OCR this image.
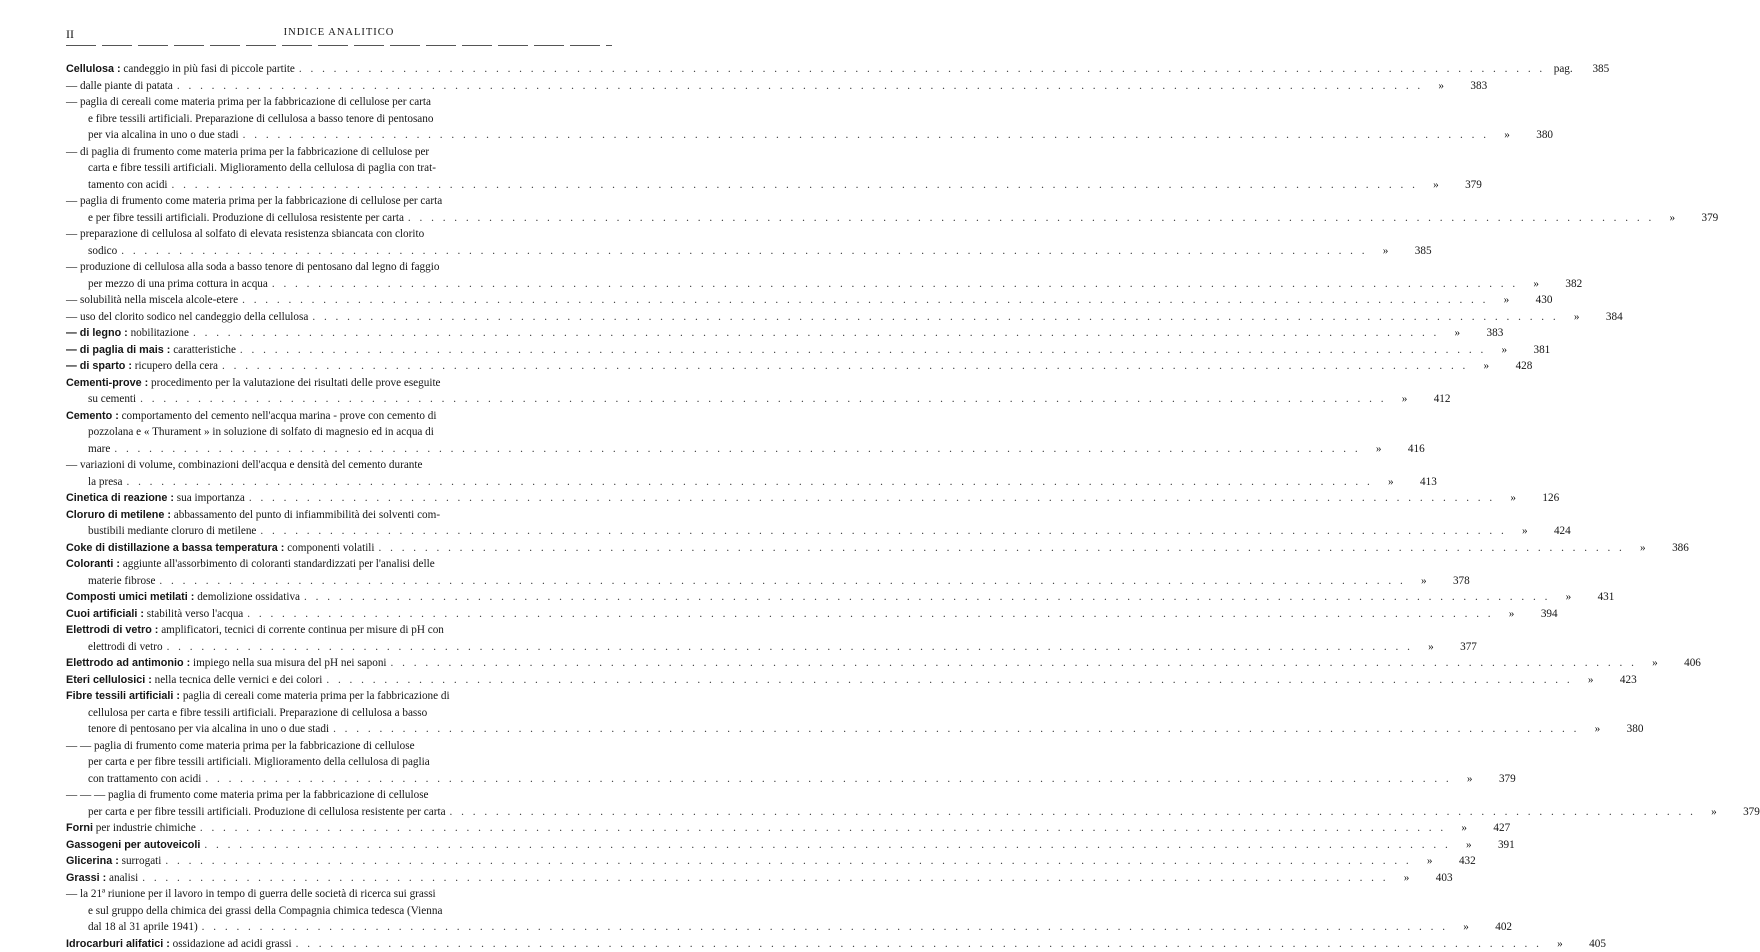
II	INDICE ANALITICO
Cellulosa : candeggio in più fasi di piccole partite . . .	pag.	385
— dalle piante di patata . . .	»	383
— paglia di cereali come materia prima per la fabbricazione di cellulose per carta
e fibre tessili artificiali. Preparazione di cellulosa a basso tenore di pentosano
per via alcalina in uno o due stadi . . .	»	380
— di paglia di frumento come materia prima per la fabbricazione di cellulose per
carta e fibre tessili artificiali. Miglioramento della cellulosa di paglia con trat-
tamento con acidi . . .	»	379
— paglia di frumento come materia prima per la fabbricazione di cellulose per carta
e per fibre tessili artificiali. Produzione di cellulosa resistente per carta . . .	»	379
— preparazione di cellulosa al solfato di elevata resistenza sbiancata con clorito
sodico . . .	»	385
— produzione di cellulosa alla soda a basso tenore di pentosano dal legno di faggio
per mezzo di una prima cottura in acqua . . .	»	382
— solubilità nella miscela alcole-etere . . .	»	430
— uso del clorito sodico nel candeggio della cellulosa . . .	»	384
— di legno : nobilitazione . . .	»	383
— di paglia di mais : caratteristiche . . .	»	381
— di sparto : ricupero della cera . . .	»	428
Cementi-prove : procedimento per la valutazione dei risultati delle prove eseguite
su cementi . . .	»	412
Cemento : comportamento del cemento nell'acqua marina - prove con cemento di
pozzolana e « Thurament » in soluzione di solfato di magnesio ed in acqua di
mare . . .	»	416
— variazioni di volume, combinazioni dell'acqua e densità del cemento durante
la presa . . .	»	413
Cinetica di reazione : sua importanza . . .	»	126
Cloruro di metilene : abbassamento del punto di infiammibilità dei solventi com-
bustibili mediante cloruro di metilene . . .	»	424
Coke di distillazione a bassa temperatura : componenti volatili . . .	»	386
Coloranti : aggiunte all'assorbimento di coloranti standardizzati per l'analisi delle
materie fibrose . . .	»	378
Composti umici metilati : demolizione ossidativa . . .	»	431
Cuoi artificiali : stabilità verso l'acqua . . .	»	394
Elettrodi di vetro : amplificatori, tecnici di corrente continua per misure di pH con
elettrodi di vetro . . .	»	377
Elettrodo ad antimonio : impiego nella sua misura del pH nei saponi . . .	»	406
Eteri cellulosici : nella tecnica delle vernici e dei colori . . .	»	423
Fibre tessili artificiali : paglia di cereali come materia prima per la fabbricazione di
cellulosa per carta e fibre tessili artificiali. Preparazione di cellulosa a basso
tenore di pentosano per via alcalina in uno o due stadi . . .	»	380
— — paglia di frumento come materia prima per la fabbricazione di cellulose
per carta e per fibre tessili artificiali. Miglioramento della cellulosa di paglia
con trattamento con acidi . . .	»	379
— — — paglia di frumento come materia prima per la fabbricazione di cellulose
per carta e per fibre tessili artificiali. Produzione di cellulosa resistente per carta . . .	»	379
Forni per industrie chimiche . . .	»	427
Gassogeni per autoveicoli . . .	»	391
Glicerina : surrogati . . .	»	432
Grassi : analisi . . .	»	403
— la 21ª riunione per il lavoro in tempo di guerra delle società di ricerca sui grassi
e sul gruppo della chimica dei grassi della Compagnia chimica tedesca (Vienna
dal 18 al 31 aprile 1941) . . .	»	402
Idrocarburi alifatici : ossidazione ad acidi grassi . . .	»	405
